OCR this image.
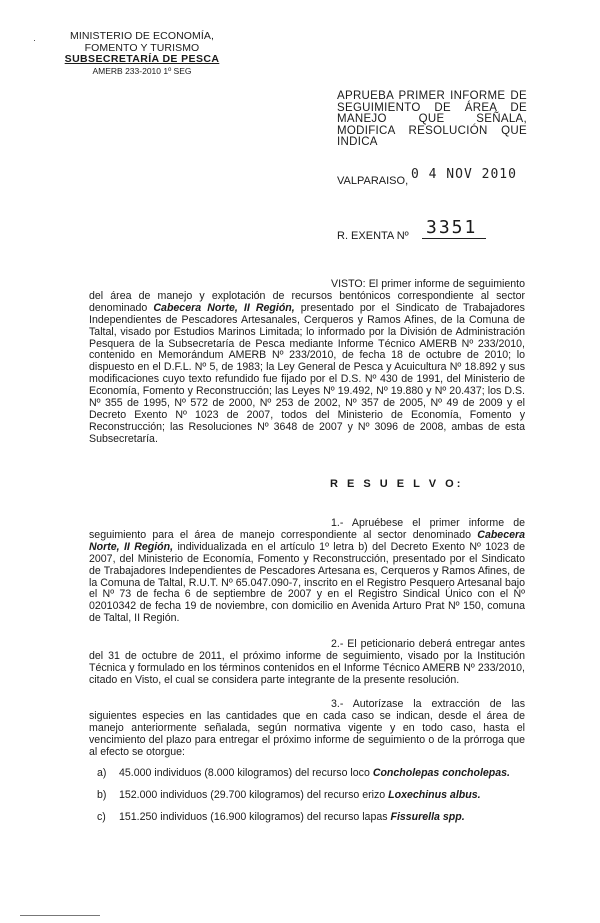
·	MINISTERIO DE ECONOMÍA,
FOMENTO Y TURISMO
SUBSECRETARÍA DE PESCA
AMERB 233-2010 1º SEG
APRUEBA PRIMER INFORME DE SEGUIMIENTO DE ÁREA DE MANEJO QUE SEÑALA, MODIFICA RESOLUCIÓN QUE INDICA
VALPARAISO, 0 4 NOV 2010
R. EXENTA Nº 3351
VISTO: El primer informe de seguimiento del área de manejo y explotación de recursos bentónicos correspondiente al sector denominado Cabecera Norte, II Región, presentado por el Sindicato de Trabajadores Independientes de Pescadores Artesanales, Cerqueros y Ramos Afines, de la Comuna de Taltal, visado por Estudios Marinos Limitada; lo informado por la División de Administración Pesquera de la Subsecretaría de Pesca mediante Informe Técnico AMERB Nº 233/2010, contenido en Memorándum AMERB Nº 233/2010, de fecha 18 de octubre de 2010; lo dispuesto en el D.F.L. Nº 5, de 1983; la Ley General de Pesca y Acuicultura Nº 18.892 y sus modificaciones cuyo texto refundido fue fijado por el D.S. Nº 430 de 1991, del Ministerio de Economía, Fomento y Reconstrucción; las Leyes Nº 19.492, Nº 19.880 y Nº 20.437; los D.S. Nº 355 de 1995, Nº 572 de 2000, Nº 253 de 2002, Nº 357 de 2005, Nº 49 de 2009 y el Decreto Exento Nº 1023 de 2007, todos del Ministerio de Economía, Fomento y Reconstrucción; las Resoluciones Nº 3648 de 2007 y Nº 3096 de 2008, ambas de esta Subsecretaría.
R E S U E L V O:
1.- Apruébese el primer informe de seguimiento para el área de manejo correspondiente al sector denominado Cabecera Norte, II Región, individualizada en el artículo 1º letra b) del Decreto Exento Nº 1023 de 2007, del Ministerio de Economía, Fomento y Reconstrucción, presentado por el Sindicato de Trabajadores Independientes de Pescadores Artesana es, Cerqueros y Ramos Afines, de la Comuna de Taltal, R.U.T. Nº 65.047.090-7, inscrito en el Registro Pesquero Artesanal bajo el Nº 73 de fecha 6 de septiembre de 2007 y en el Registro Sindical Único con el Nº 02010342 de fecha 19 de noviembre, con domicilio en Avenida Arturo Prat Nº 150, comuna de Taltal, II Región.
2.- El peticionario deberá entregar antes del 31 de octubre de 2011, el próximo informe de seguimiento, visado por la Institución Técnica y formulado en los términos contenidos en el Informe Técnico AMERB Nº 233/2010, citado en Visto, el cual se considera parte integrante de la presente resolución.
3.- Autorízase la extracción de las siguientes especies en las cantidades que en cada caso se indican, desde el área de manejo anteriormente señalada, según normativa vigente y en todo caso, hasta el vencimiento del plazo para entregar el próximo informe de seguimiento o de la prórroga que al efecto se otorgue:
a)	45.000 individuos (8.000 kilogramos) del recurso loco Concholepas concholepas.
b)	152.000 individuos (29.700 kilogramos) del recurso erizo Loxechinus albus.
c)	151.250 individuos (16.900 kilogramos) del recurso lapas Fissurella spp.
